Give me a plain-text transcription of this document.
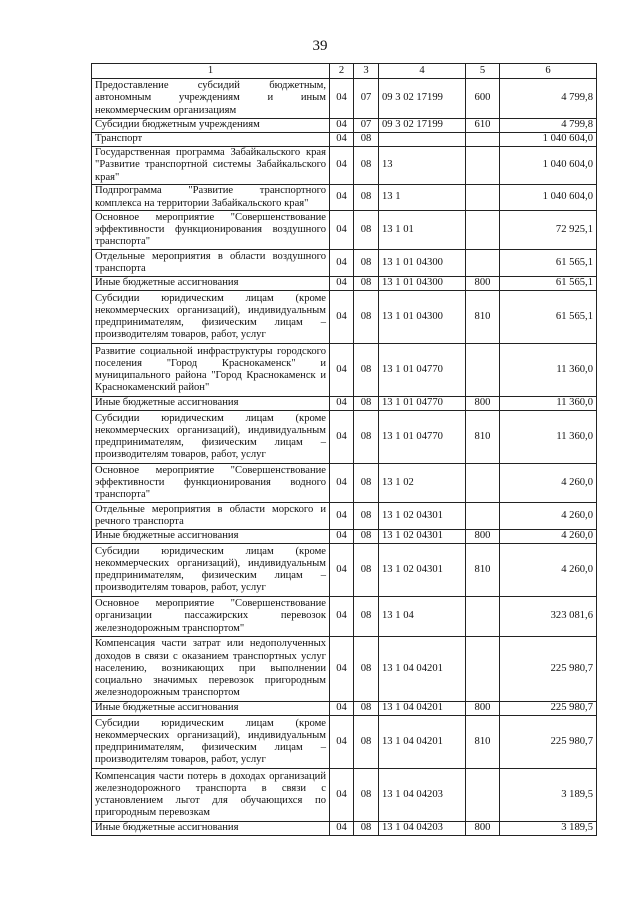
39
1	2	3	4	5	6
Предоставление субсидий бюджетным, автономным учреждениям и иным некоммерческим организациям	04	07	09 3 02 17199	600	4 799,8
Субсидии бюджетным учреждениям	04	07	09 3 02 17199	610	4 799,8
Транспорт	04	08			1 040 604,0
Государственная программа Забайкальского края "Развитие транспортной системы Забайкальского края"	04	08	13		1 040 604,0
Подпрограмма "Развитие транспортного комплекса на территории Забайкальского края"	04	08	13 1		1 040 604,0
Основное мероприятие "Совершенствование эффективности функционирования воздушного транспорта"	04	08	13 1 01		72 925,1
Отдельные мероприятия в области воздушного транспорта	04	08	13 1 01 04300		61 565,1
Иные бюджетные ассигнования	04	08	13 1 01 04300	800	61 565,1
Субсидии юридическим лицам (кроме некоммерческих организаций), индивидуальным предпринимателям, физическим лицам – производителям товаров, работ, услуг	04	08	13 1 01 04300	810	61 565,1
Развитие социальной инфраструктуры городского поселения "Город Краснокаменск" и муниципального района "Город Краснокаменск и Краснокаменский район"	04	08	13 1 01 04770		11 360,0
Иные бюджетные ассигнования	04	08	13 1 01 04770	800	11 360,0
Субсидии юридическим лицам (кроме некоммерческих организаций), индивидуальным предпринимателям, физическим лицам – производителям товаров, работ, услуг	04	08	13 1 01 04770	810	11 360,0
Основное мероприятие "Совершенствование эффективности функционирования водного транспорта"	04	08	13 1 02		4 260,0
Отдельные мероприятия в области морского и речного транспорта	04	08	13 1 02 04301		4 260,0
Иные бюджетные ассигнования	04	08	13 1 02 04301	800	4 260,0
Субсидии юридическим лицам (кроме некоммерческих организаций), индивидуальным предпринимателям, физическим лицам – производителям товаров, работ, услуг	04	08	13 1 02 04301	810	4 260,0
Основное мероприятие "Совершенствование организации пассажирских перевозок железнодорожным транспортом"	04	08	13 1 04		323 081,6
Компенсация части затрат или недополученных доходов в связи с оказанием транспортных услуг населению, возникающих при выполнении социально значимых перевозок пригородным железнодорожным транспортом	04	08	13 1 04 04201		225 980,7
Иные бюджетные ассигнования	04	08	13 1 04 04201	800	225 980,7
Субсидии юридическим лицам (кроме некоммерческих организаций), индивидуальным предпринимателям, физическим лицам – производителям товаров, работ, услуг	04	08	13 1 04 04201	810	225 980,7
Компенсация части потерь в доходах организаций железнодорожного транспорта в связи с установлением льгот для обучающихся по пригородным перевозкам	04	08	13 1 04 04203		3 189,5
Иные бюджетные ассигнования	04	08	13 1 04 04203	800	3 189,5
